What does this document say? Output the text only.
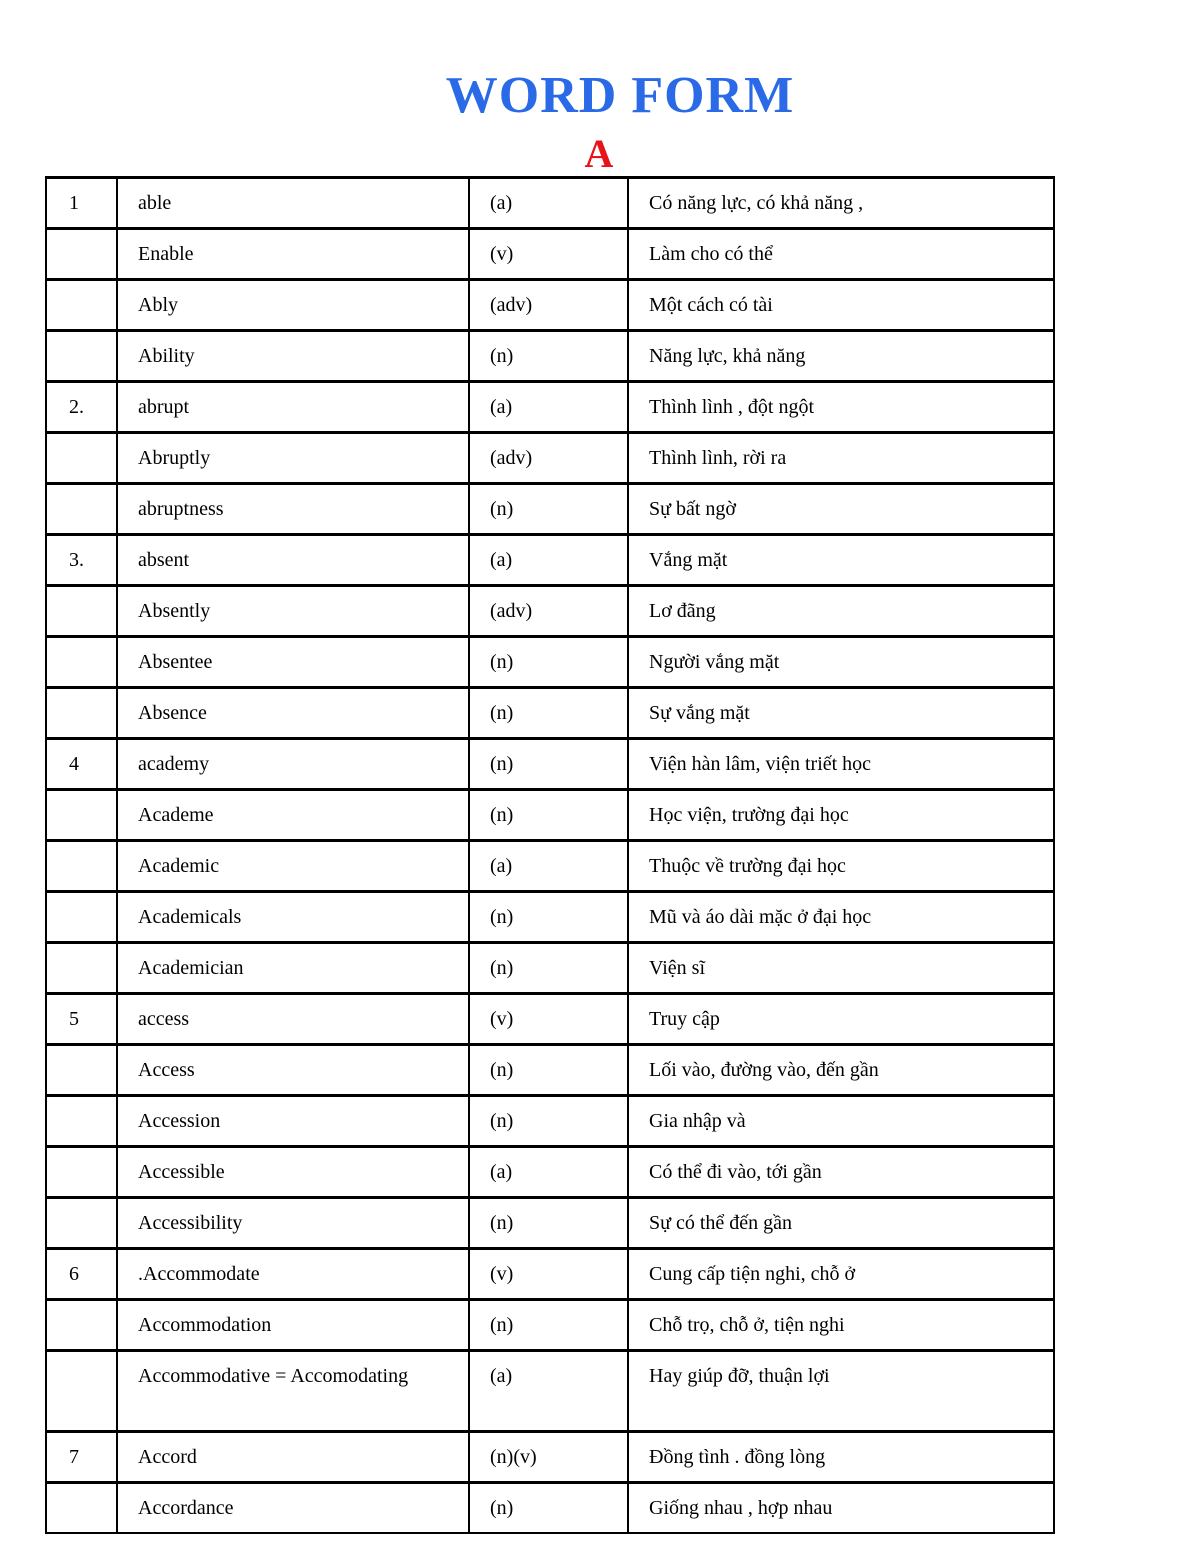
WORD FORM
A
1	able	(a)	Có năng lực, có khả năng ,
	Enable	(v)	Làm cho có thể
	Ably	(adv)	Một cách có tài
	Ability	(n)	Năng lực, khả năng
2.	abrupt	(a)	Thình lình , đột ngột
	Abruptly	(adv)	Thình lình, rời ra
	abruptness	(n)	Sự bất ngờ
3.	absent	(a)	Vắng mặt
	Absently	(adv)	Lơ đãng
	Absentee	(n)	Người vắng mặt
	Absence	(n)	Sự vắng mặt
4	academy	(n)	Viện hàn lâm, viện triết học
	Academe	(n)	Học viện, trường đại học
	Academic	(a)	Thuộc về trường đại học
	Academicals	(n)	Mũ và áo dài mặc ở đại học
	Academician	(n)	Viện sĩ
5	access	(v)	Truy cập
	Access	(n)	Lối vào, đường vào, đến gần
	Accession	(n)	Gia nhập và
	Accessible	(a)	Có thể đi vào, tới gần
	Accessibility	(n)	Sự có thể đến gần
6	.Accommodate	(v)	Cung cấp tiện nghi, chỗ ở
	Accommodation	(n)	Chỗ trọ, chỗ ở, tiện nghi
	Accommodative = Accomodating	(a)	Hay giúp đỡ, thuận lợi
7	Accord	(n)(v)	Đồng tình . đồng lòng
	Accordance	(n)	Giống nhau , hợp nhau
